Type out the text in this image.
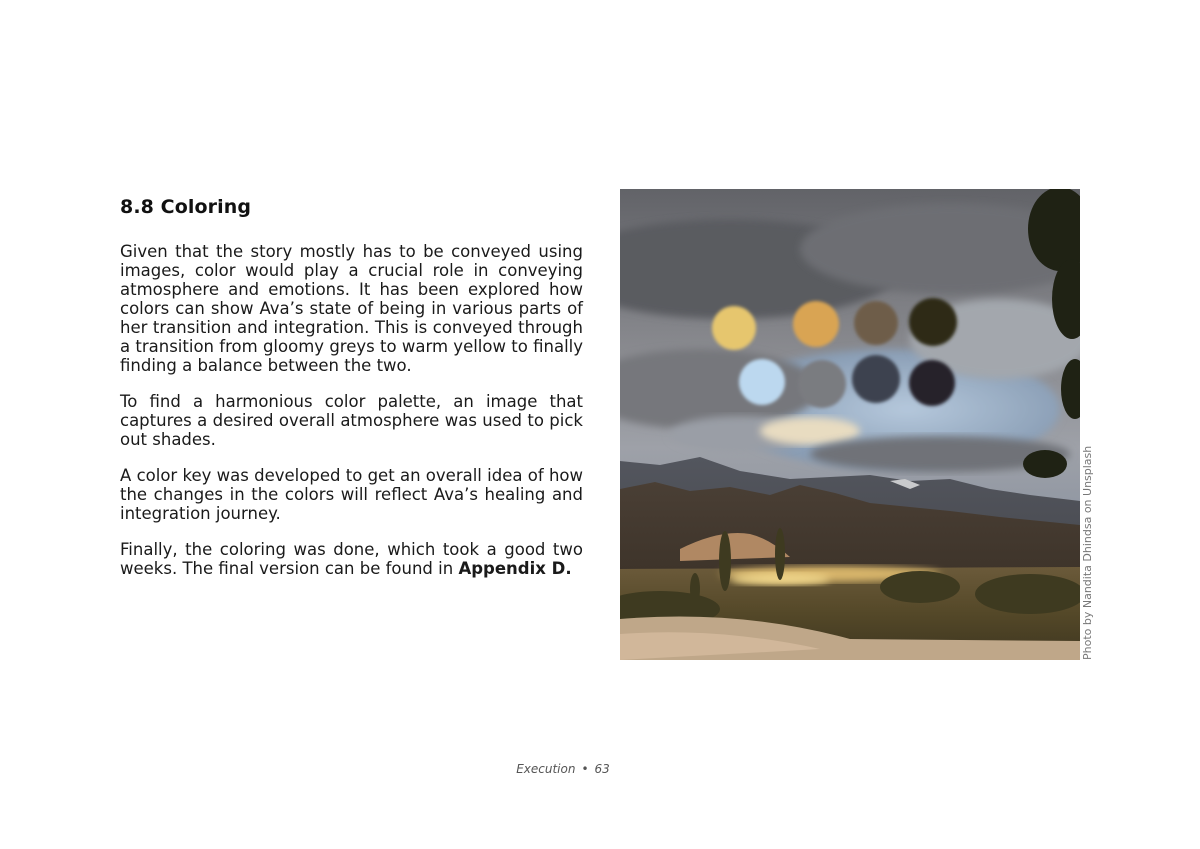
8.8 Coloring

Given that the story mostly has to be conveyed using images, color would play a crucial role in conveying atmosphere and emotions. It has been explored how colors can show Ava’s state of being in various parts of her transition and integration. This is conveyed through a transition from gloomy greys to warm yellow to finally finding a balance between the two.

To find a harmonious color palette, an image that captures a desired overall atmosphere was used to pick out shades.

A color key was developed to get an overall idea of how the changes in the colors will reflect Ava’s healing and integration journey.

Finally, the coloring was done, which took a good two weeks. The final version can be found in Appendix D.	Photo by Nandita Dhindsa on Unsplash
Execution • 63
